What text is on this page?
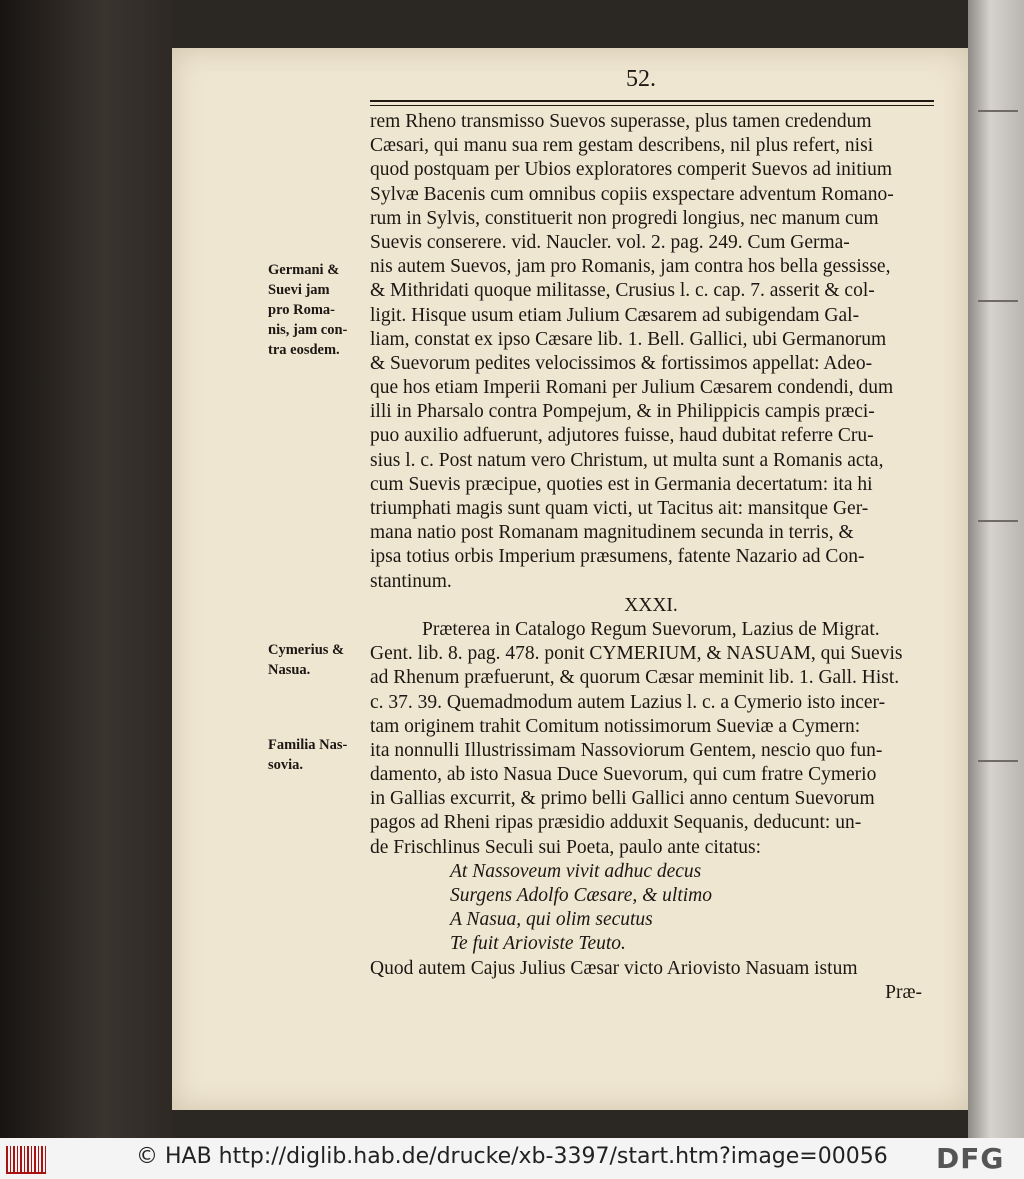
52.
Germani &
Suevi jam
pro Roma-
nis, jam con-
tra eosdem.
Cymerius &
Nasua.
Familia Nas-
sovia.
rem Rheno transmisso Suevos superasse, plus tamen credendum
Cæsari, qui manu sua rem gestam describens, nil plus refert, nisi
quod postquam per Ubios exploratores comperit Suevos ad initium
Sylvæ Bacenis cum omnibus copiis exspectare adventum Romano-
rum in Sylvis, constituerit non progredi longius, nec manum cum
Suevis conserere. vid. Naucler. vol. 2. pag. 249. Cum Germa-
nis autem Suevos, jam pro Romanis, jam contra hos bella gessisse,
& Mithridati quoque militasse, Crusius l. c. cap. 7. asserit & col-
ligit. Hisque usum etiam Julium Cæsarem ad subigendam Gal-
liam, constat ex ipso Cæsare lib. 1. Bell. Gallici, ubi Germanorum
& Suevorum pedites velocissimos & fortissimos appellat: Adeo-
que hos etiam Imperii Romani per Julium Cæsarem condendi, dum
illi in Pharsalo contra Pompejum, & in Philippicis campis præci-
puo auxilio adfuerunt, adjutores fuisse, haud dubitat referre Cru-
sius l. c. Post natum vero Christum, ut multa sunt a Romanis acta,
cum Suevis præcipue, quoties est in Germania decertatum: ita hi
triumphati magis sunt quam victi, ut Tacitus ait: mansitque Ger-
mana natio post Romanam magnitudinem secunda in terris, &
ipsa totius orbis Imperium præsumens, fatente Nazario ad Con-
stantinum.
XXXI.
Præterea in Catalogo Regum Suevorum, Lazius de Migrat.
Gent. lib. 8. pag. 478. ponit CYMERIUM, & NASUAM, qui Suevis
ad Rhenum præfuerunt, & quorum Cæsar meminit lib. 1. Gall. Hist.
c. 37. 39. Quemadmodum autem Lazius l. c. a Cymerio isto incer-
tam originem trahit Comitum notissimorum Sueviæ a Cymern:
ita nonnulli Illustrissimam Nassoviorum Gentem, nescio quo fun-
damento, ab isto Nasua Duce Suevorum, qui cum fratre Cymerio
in Gallias excurrit, & primo belli Gallici anno centum Suevorum
pagos ad Rheni ripas præsidio adduxit Sequanis, deducunt: un-
de Frischlinus Seculi sui Poeta, paulo ante citatus:
At Nassoveum vivit adhuc decus
Surgens Adolfo Cæsare, & ultimo
A Nasua, qui olim secutus
Te fuit Arioviste Teuto.
Quod autem Cajus Julius Cæsar victo Ariovisto Nasuam istum
Præ-
© HAB http://diglib.hab.de/drucke/xb-3397/start.htm?image=00056 DFG
